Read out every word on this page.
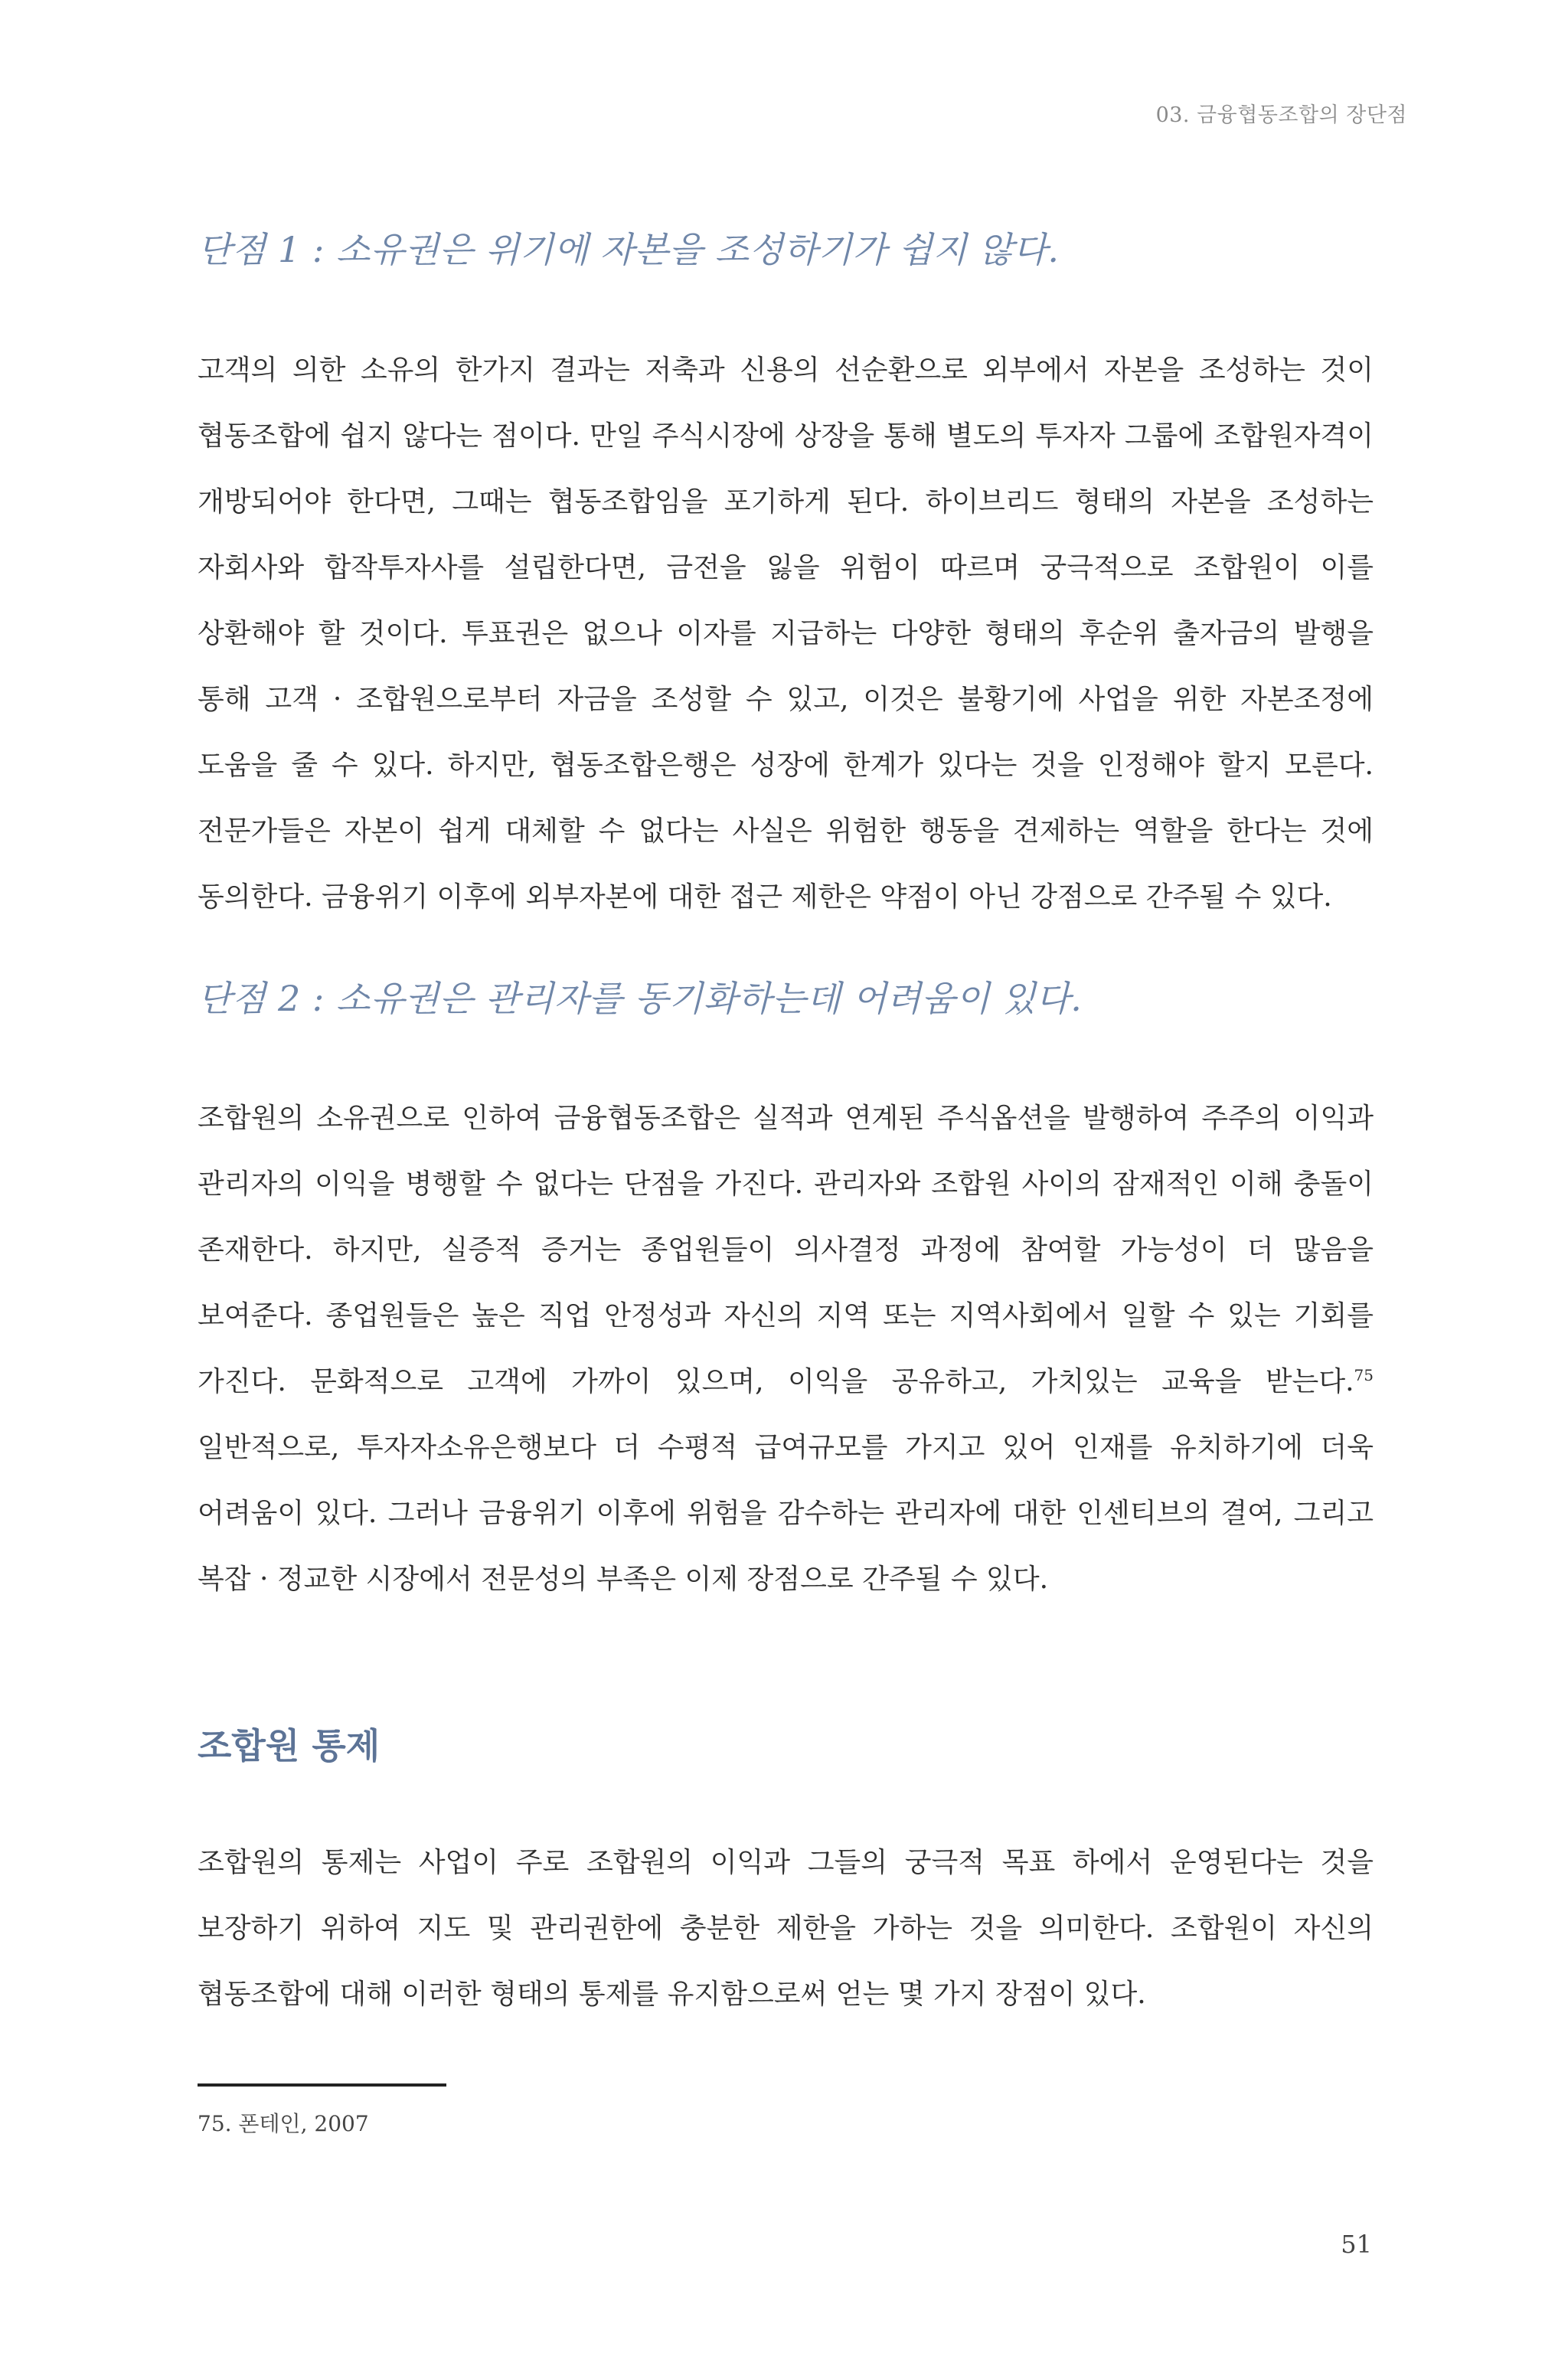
03. 금융협동조합의 장단점
단점 1 : 소유권은 위기에 자본을 조성하기가 쉽지 않다.

고객의 의한 소유의 한가지 결과는 저축과 신용의 선순환으로 외부에서 자본을 조성하는 것이 협동조합에 쉽지 않다는 점이다. 만일 주식시장에 상장을 통해 별도의 투자자 그룹에 조합원자격이 개방되어야 한다면, 그때는 협동조합임을 포기하게 된다. 하이브리드 형태의 자본을 조성하는 자회사와 합작투자사를 설립한다면, 금전을 잃을 위험이 따르며 궁극적으로 조합원이 이를 상환해야 할 것이다. 투표권은 없으나 이자를 지급하는 다양한 형태의 후순위 출자금의 발행을 통해 고객 · 조합원으로부터 자금을 조성할 수 있고, 이것은 불황기에 사업을 위한 자본조정에 도움을 줄 수 있다. 하지만, 협동조합은행은 성장에 한계가 있다는 것을 인정해야 할지 모른다. 전문가들은 자본이 쉽게 대체할 수 없다는 사실은 위험한 행동을 견제하는 역할을 한다는 것에 동의한다. 금융위기 이후에 외부자본에 대한 접근 제한은 약점이 아닌 강점으로 간주될 수 있다.

단점 2 : 소유권은 관리자를 동기화하는데 어려움이 있다.

조합원의 소유권으로 인하여 금융협동조합은 실적과 연계된 주식옵션을 발행하여 주주의 이익과 관리자의 이익을 병행할 수 없다는 단점을 가진다. 관리자와 조합원 사이의 잠재적인 이해 충돌이 존재한다. 하지만, 실증적 증거는 종업원들이 의사결정 과정에 참여할 가능성이 더 많음을 보여준다. 종업원들은 높은 직업 안정성과 자신의 지역 또는 지역사회에서 일할 수 있는 기회를 가진다. 문화적으로 고객에 가까이 있으며, 이익을 공유하고, 가치있는 교육을 받는다.$^{75}$ 일반적으로, 투자자소유은행보다 더 수평적 급여규모를 가지고 있어 인재를 유치하기에 더욱 어려움이 있다. 그러나 금융위기 이후에 위험을 감수하는 관리자에 대한 인센티브의 결여, 그리고 복잡 · 정교한 시장에서 전문성의 부족은 이제 장점으로 간주될 수 있다.

조합원 통제

조합원의 통제는 사업이 주로 조합원의 이익과 그들의 궁극적 목표 하에서 운영된다는 것을 보장하기 위하여 지도 및 관리권한에 충분한 제한을 가하는 것을 의미한다. 조합원이 자신의 협동조합에 대해 이러한 형태의 통제를 유지함으로써 얻는 몇 가지 장점이 있다.

75. 폰테인, 2007
51
